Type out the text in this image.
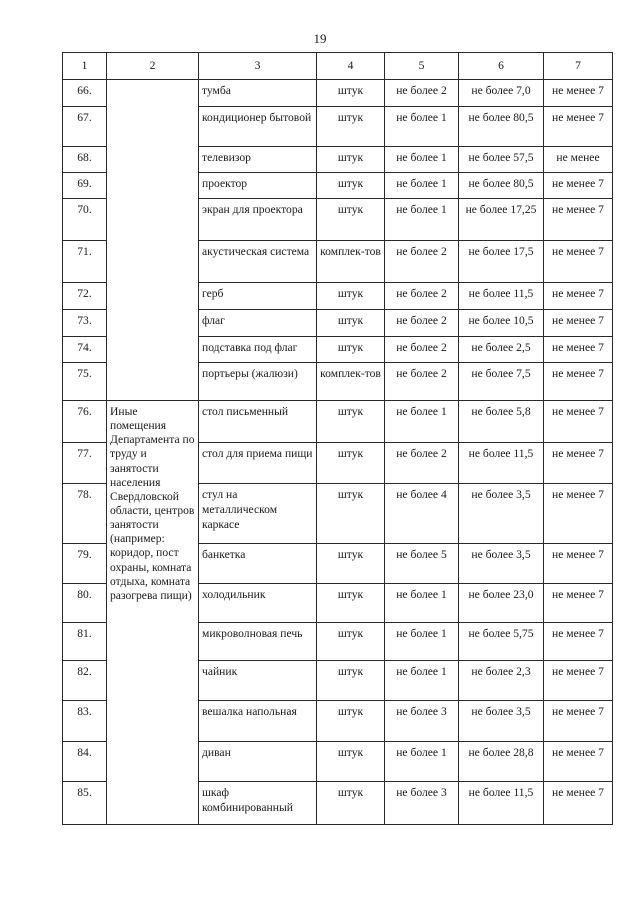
19
1	2	3	4	5	6	7
66.		тумба	штук	не более 2	не более 7,0	не менее 7
67.		кондиционер бытовой	штук	не более 1	не более 80,5	не менее 7
68.		телевизор	штук	не более 1	не более 57,5	не менее
69.		проектор	штук	не более 1	не более 80,5	не менее 7
70.		экран для проектора	штук	не более 1	не более 17,25	не менее 7
71.		акустическая система	комплек-тов	не более 2	не более 17,5	не менее 7
72.		герб	штук	не более 2	не более 11,5	не менее 7
73.		флаг	штук	не более 2	не более 10,5	не менее 7
74.		подставка под флаг	штук	не более 2	не более 2,5	не менее 7
75.		портьеры (жалюзи)	комплек-тов	не более 2	не более 7,5	не менее 7
76.	Иные помещения Департамента по труду и занятости населения Свердловской области, центров занятости (например: коридор, пост охраны, комната отдыха, комната разогрева пищи)	стол письменный	штук	не более 1	не более 5,8	не менее 7
77.		стол для приема пищи	штук	не более 2	не более 11,5	не менее 7
78.		стул на металлическом каркасе	штук	не более 4	не более 3,5	не менее 7
79.		банкетка	штук	не более 5	не более 3,5	не менее 7
80.		холодильник	штук	не более 1	не более 23,0	не менее 7
81.		микроволновая печь	штук	не более 1	не более 5,75	не менее 7
82.		чайник	штук	не более 1	не более 2,3	не менее 7
83.		вешалка напольная	штук	не более 3	не более 3,5	не менее 7
84.		диван	штук	не более 1	не более 28,8	не менее 7
85.		шкаф комбинированный	штук	не более 3	не более 11,5	не менее 7
